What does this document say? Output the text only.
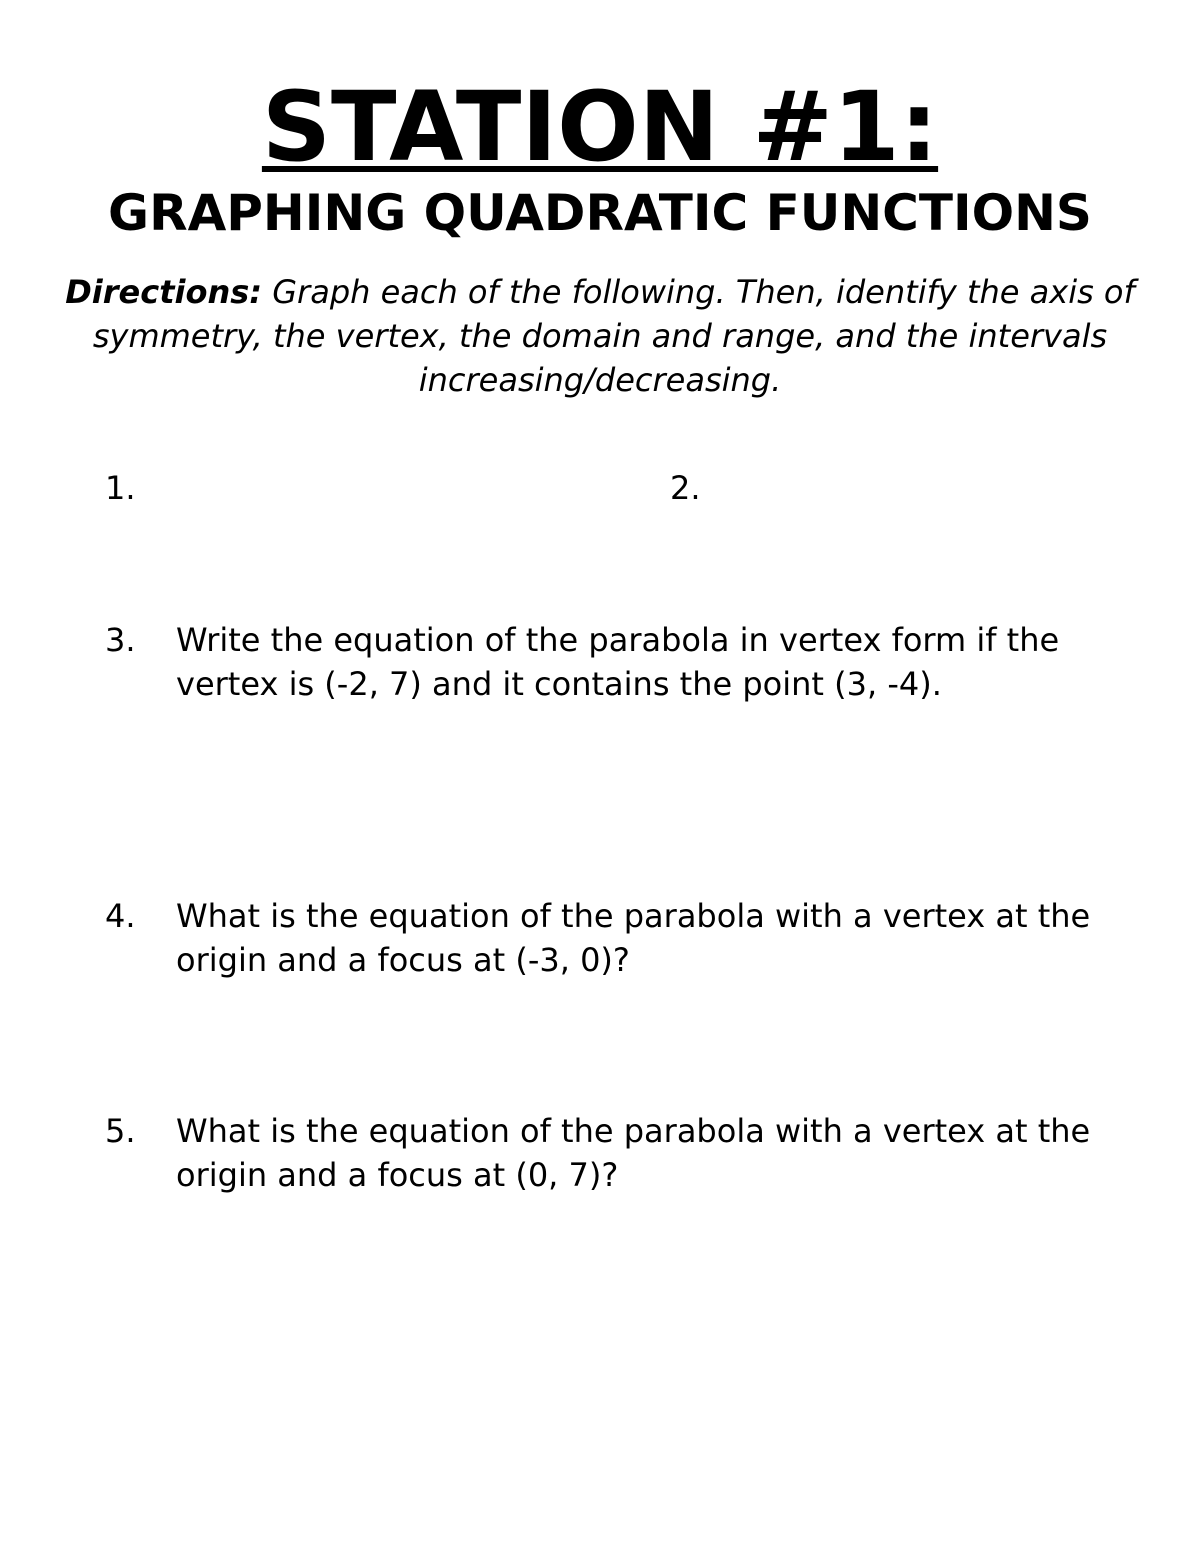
STATION #1:
GRAPHING QUADRATIC FUNCTIONS

Directions: Graph each of the following. Then, identify the axis of symmetry, the vertex, the domain and range, and the intervals increasing/decreasing.

1.	2.
3. Write the equation of the parabola in vertex form if the vertex is (-2, 7) and it contains the point (3, -4).

4. What is the equation of the parabola with a vertex at the origin and a focus at (-3, 0)?

5. What is the equation of the parabola with a vertex at the origin and a focus at (0, 7)?
